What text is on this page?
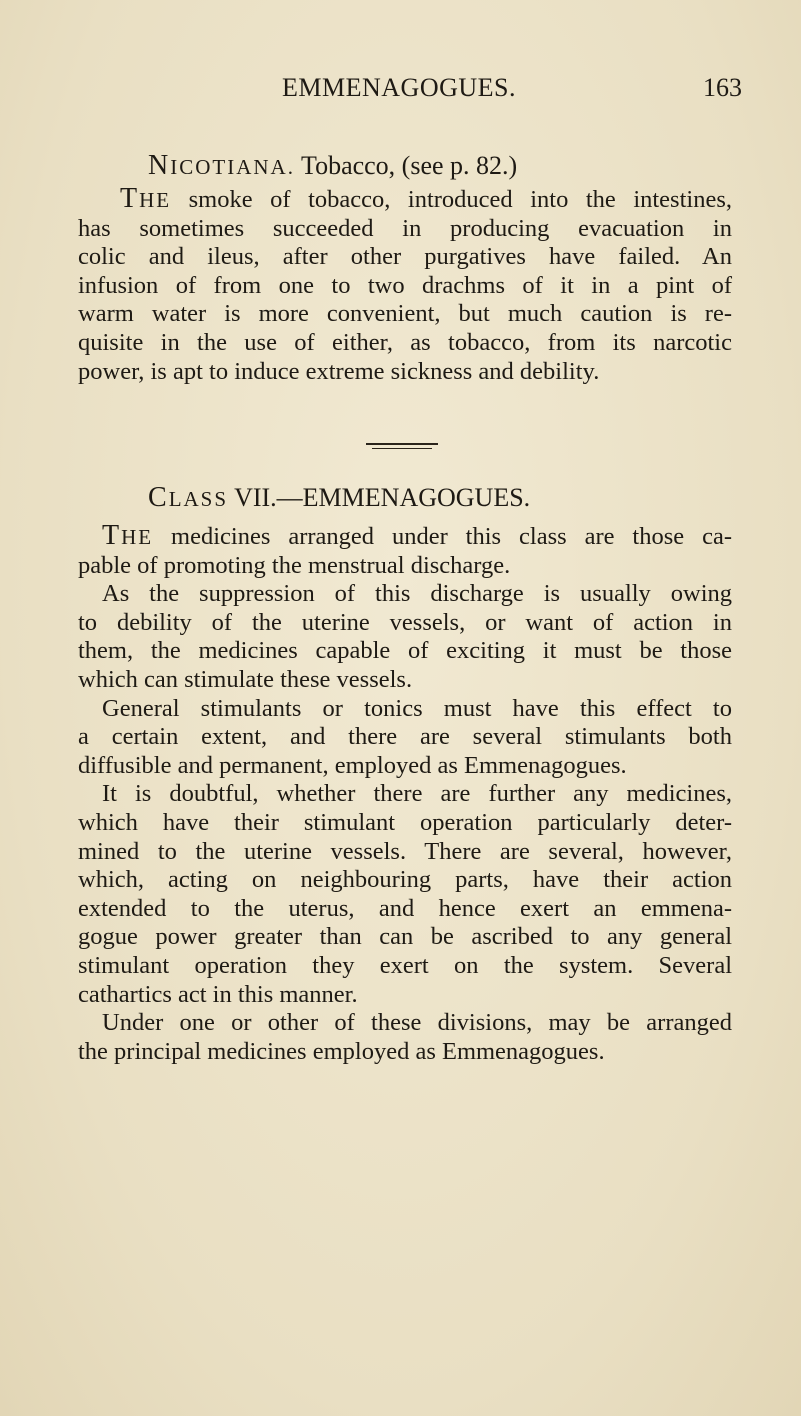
EMMENAGOGUES.	163
NICOTIANA. Tobacco, (see p. 82.)
THE smoke of tobacco, introduced into the intestines,
has sometimes succeeded in producing evacuation in
colic and ileus, after other purgatives have failed. An
infusion of from one to two drachms of it in a pint of
warm water is more convenient, but much caution is re-
quisite in the use of either, as tobacco, from its narcotic
power, is apt to induce extreme sickness and debility.
CLASS VII.—EMMENAGOGUES.
THE medicines arranged under this class are those ca-
pable of promoting the menstrual discharge.
As the suppression of this discharge is usually owing
to debility of the uterine vessels, or want of action in
them, the medicines capable of exciting it must be those
which can stimulate these vessels.
General stimulants or tonics must have this effect to
a certain extent, and there are several stimulants both
diffusible and permanent, employed as Emmenagogues.
It is doubtful, whether there are further any medicines,
which have their stimulant operation particularly deter-
mined to the uterine vessels. There are several, however,
which, acting on neighbouring parts, have their action
extended to the uterus, and hence exert an emmena-
gogue power greater than can be ascribed to any general
stimulant operation they exert on the system. Several
cathartics act in this manner.
Under one or other of these divisions, may be arranged
the principal medicines employed as Emmenagogues.
